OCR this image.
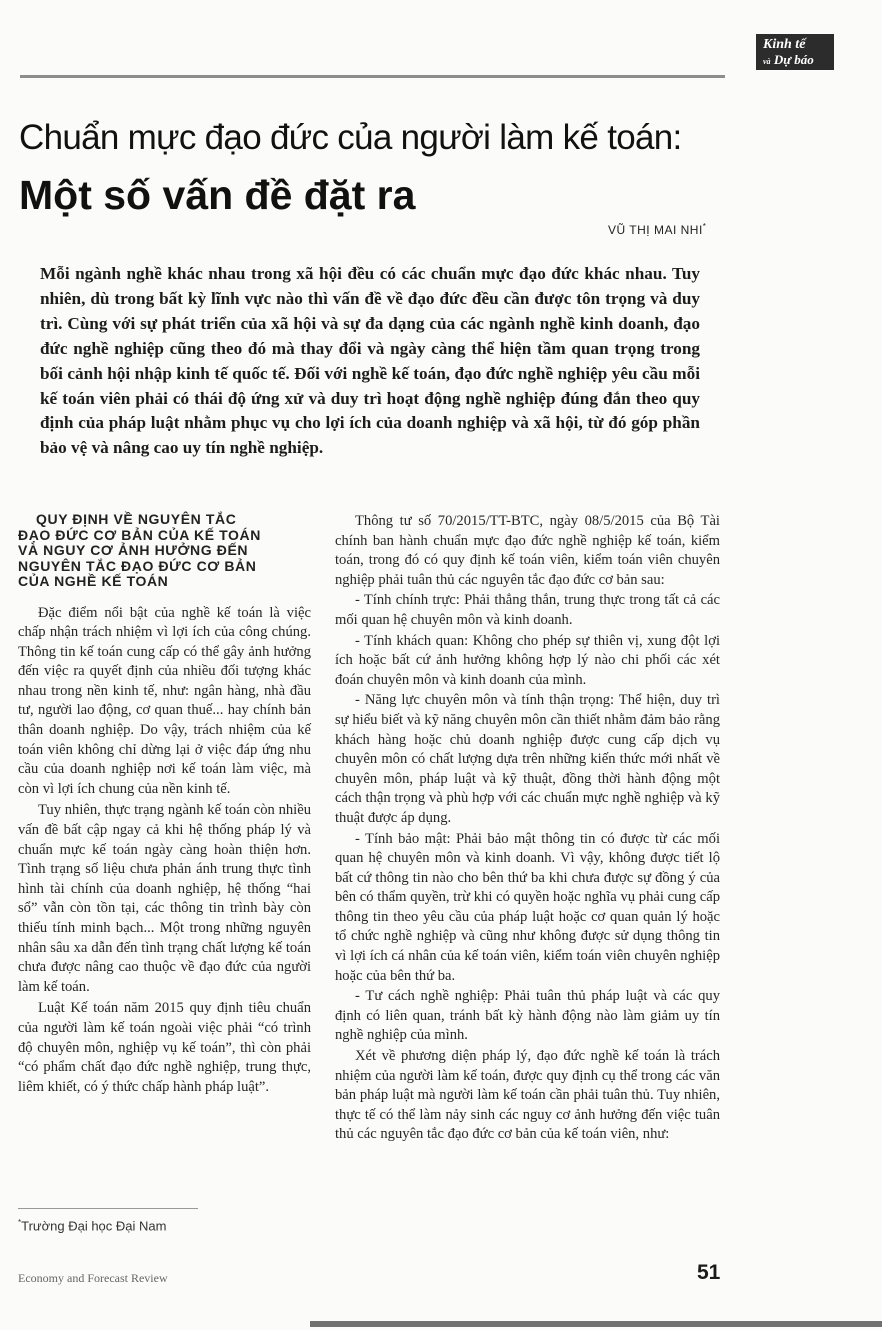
Kinh tế
và Dự báo
Chuẩn mực đạo đức của người làm kế toán:
Một số vấn đề đặt ra
VŨ THỊ MAI NHI*

Mỗi ngành nghề khác nhau trong xã hội đều có các chuẩn mực đạo đức khác nhau. Tuy nhiên, dù trong bất kỳ lĩnh vực nào thì vấn đề về đạo đức đều cần được tôn trọng và duy trì. Cùng với sự phát triển của xã hội và sự đa dạng của các ngành nghề kinh doanh, đạo đức nghề nghiệp cũng theo đó mà thay đổi và ngày càng thể hiện tầm quan trọng trong bối cảnh hội nhập kinh tế quốc tế. Đối với nghề kế toán, đạo đức nghề nghiệp yêu cầu mỗi kế toán viên phải có thái độ ứng xử và duy trì hoạt động nghề nghiệp đúng đắn theo quy định của pháp luật nhằm phục vụ cho lợi ích của doanh nghiệp và xã hội, từ đó góp phần bảo vệ và nâng cao uy tín nghề nghiệp.

QUY ĐỊNH VỀ NGUYÊN TẮC
ĐẠO ĐỨC CƠ BẢN CỦA KẾ TOÁN
VÀ NGUY CƠ ẢNH HƯỞNG ĐẾN
NGUYÊN TẮC ĐẠO ĐỨC CƠ BẢN
CỦA NGHỀ KẾ TOÁN

Đặc điểm nổi bật của nghề kế toán là việc chấp nhận trách nhiệm vì lợi ích của công chúng. Thông tin kế toán cung cấp có thể gây ảnh hưởng đến việc ra quyết định của nhiều đối tượng khác nhau trong nền kinh tế, như: ngân hàng, nhà đầu tư, người lao động, cơ quan thuế... hay chính bản thân doanh nghiệp. Do vậy, trách nhiệm của kế toán viên không chỉ dừng lại ở việc đáp ứng nhu cầu của doanh nghiệp nơi kế toán làm việc, mà còn vì lợi ích chung của nền kinh tế.

Tuy nhiên, thực trạng ngành kế toán còn nhiều vấn đề bất cập ngay cả khi hệ thống pháp lý và chuẩn mực kế toán ngày càng hoàn thiện hơn. Tình trạng số liệu chưa phản ánh trung thực tình hình tài chính của doanh nghiệp, hệ thống “hai sổ” vẫn còn tồn tại, các thông tin trình bày còn thiếu tính minh bạch... Một trong những nguyên nhân sâu xa dẫn đến tình trạng chất lượng kế toán chưa được nâng cao thuộc về đạo đức của người làm kế toán.

Luật Kế toán năm 2015 quy định tiêu chuẩn của người làm kế toán ngoài việc phải “có trình độ chuyên môn, nghiệp vụ kế toán”, thì còn phải “có phẩm chất đạo đức nghề nghiệp, trung thực, liêm khiết, có ý thức chấp hành pháp luật”.

Thông tư số 70/2015/TT-BTC, ngày 08/5/2015 của Bộ Tài chính ban hành chuẩn mực đạo đức nghề nghiệp kế toán, kiểm toán, trong đó có quy định kế toán viên, kiểm toán viên chuyên nghiệp phải tuân thủ các nguyên tắc đạo đức cơ bản sau:

- Tính chính trực: Phải thẳng thắn, trung thực trong tất cả các mối quan hệ chuyên môn và kinh doanh.

- Tính khách quan: Không cho phép sự thiên vị, xung đột lợi ích hoặc bất cứ ảnh hưởng không hợp lý nào chi phối các xét đoán chuyên môn và kinh doanh của mình.

- Năng lực chuyên môn và tính thận trọng: Thể hiện, duy trì sự hiểu biết và kỹ năng chuyên môn cần thiết nhằm đảm bảo rằng khách hàng hoặc chủ doanh nghiệp được cung cấp dịch vụ chuyên môn có chất lượng dựa trên những kiến thức mới nhất về chuyên môn, pháp luật và kỹ thuật, đồng thời hành động một cách thận trọng và phù hợp với các chuẩn mực nghề nghiệp và kỹ thuật được áp dụng.

- Tính bảo mật: Phải bảo mật thông tin có được từ các mối quan hệ chuyên môn và kinh doanh. Vì vậy, không được tiết lộ bất cứ thông tin nào cho bên thứ ba khi chưa được sự đồng ý của bên có thẩm quyền, trừ khi có quyền hoặc nghĩa vụ phải cung cấp thông tin theo yêu cầu của pháp luật hoặc cơ quan quản lý hoặc tổ chức nghề nghiệp và cũng như không được sử dụng thông tin vì lợi ích cá nhân của kế toán viên, kiểm toán viên chuyên nghiệp hoặc của bên thứ ba.

- Tư cách nghề nghiệp: Phải tuân thủ pháp luật và các quy định có liên quan, tránh bất kỳ hành động nào làm giảm uy tín nghề nghiệp của mình.

Xét về phương diện pháp lý, đạo đức nghề kế toán là trách nhiệm của người làm kế toán, được quy định cụ thể trong các văn bản pháp luật mà người làm kế toán cần phải tuân thủ. Tuy nhiên, thực tế có thể làm nảy sinh các nguy cơ ảnh hưởng đến việc tuân thủ các nguyên tắc đạo đức cơ bản của kế toán viên, như:

*Trường Đại học Đại Nam
Economy and Forecast Review	51
